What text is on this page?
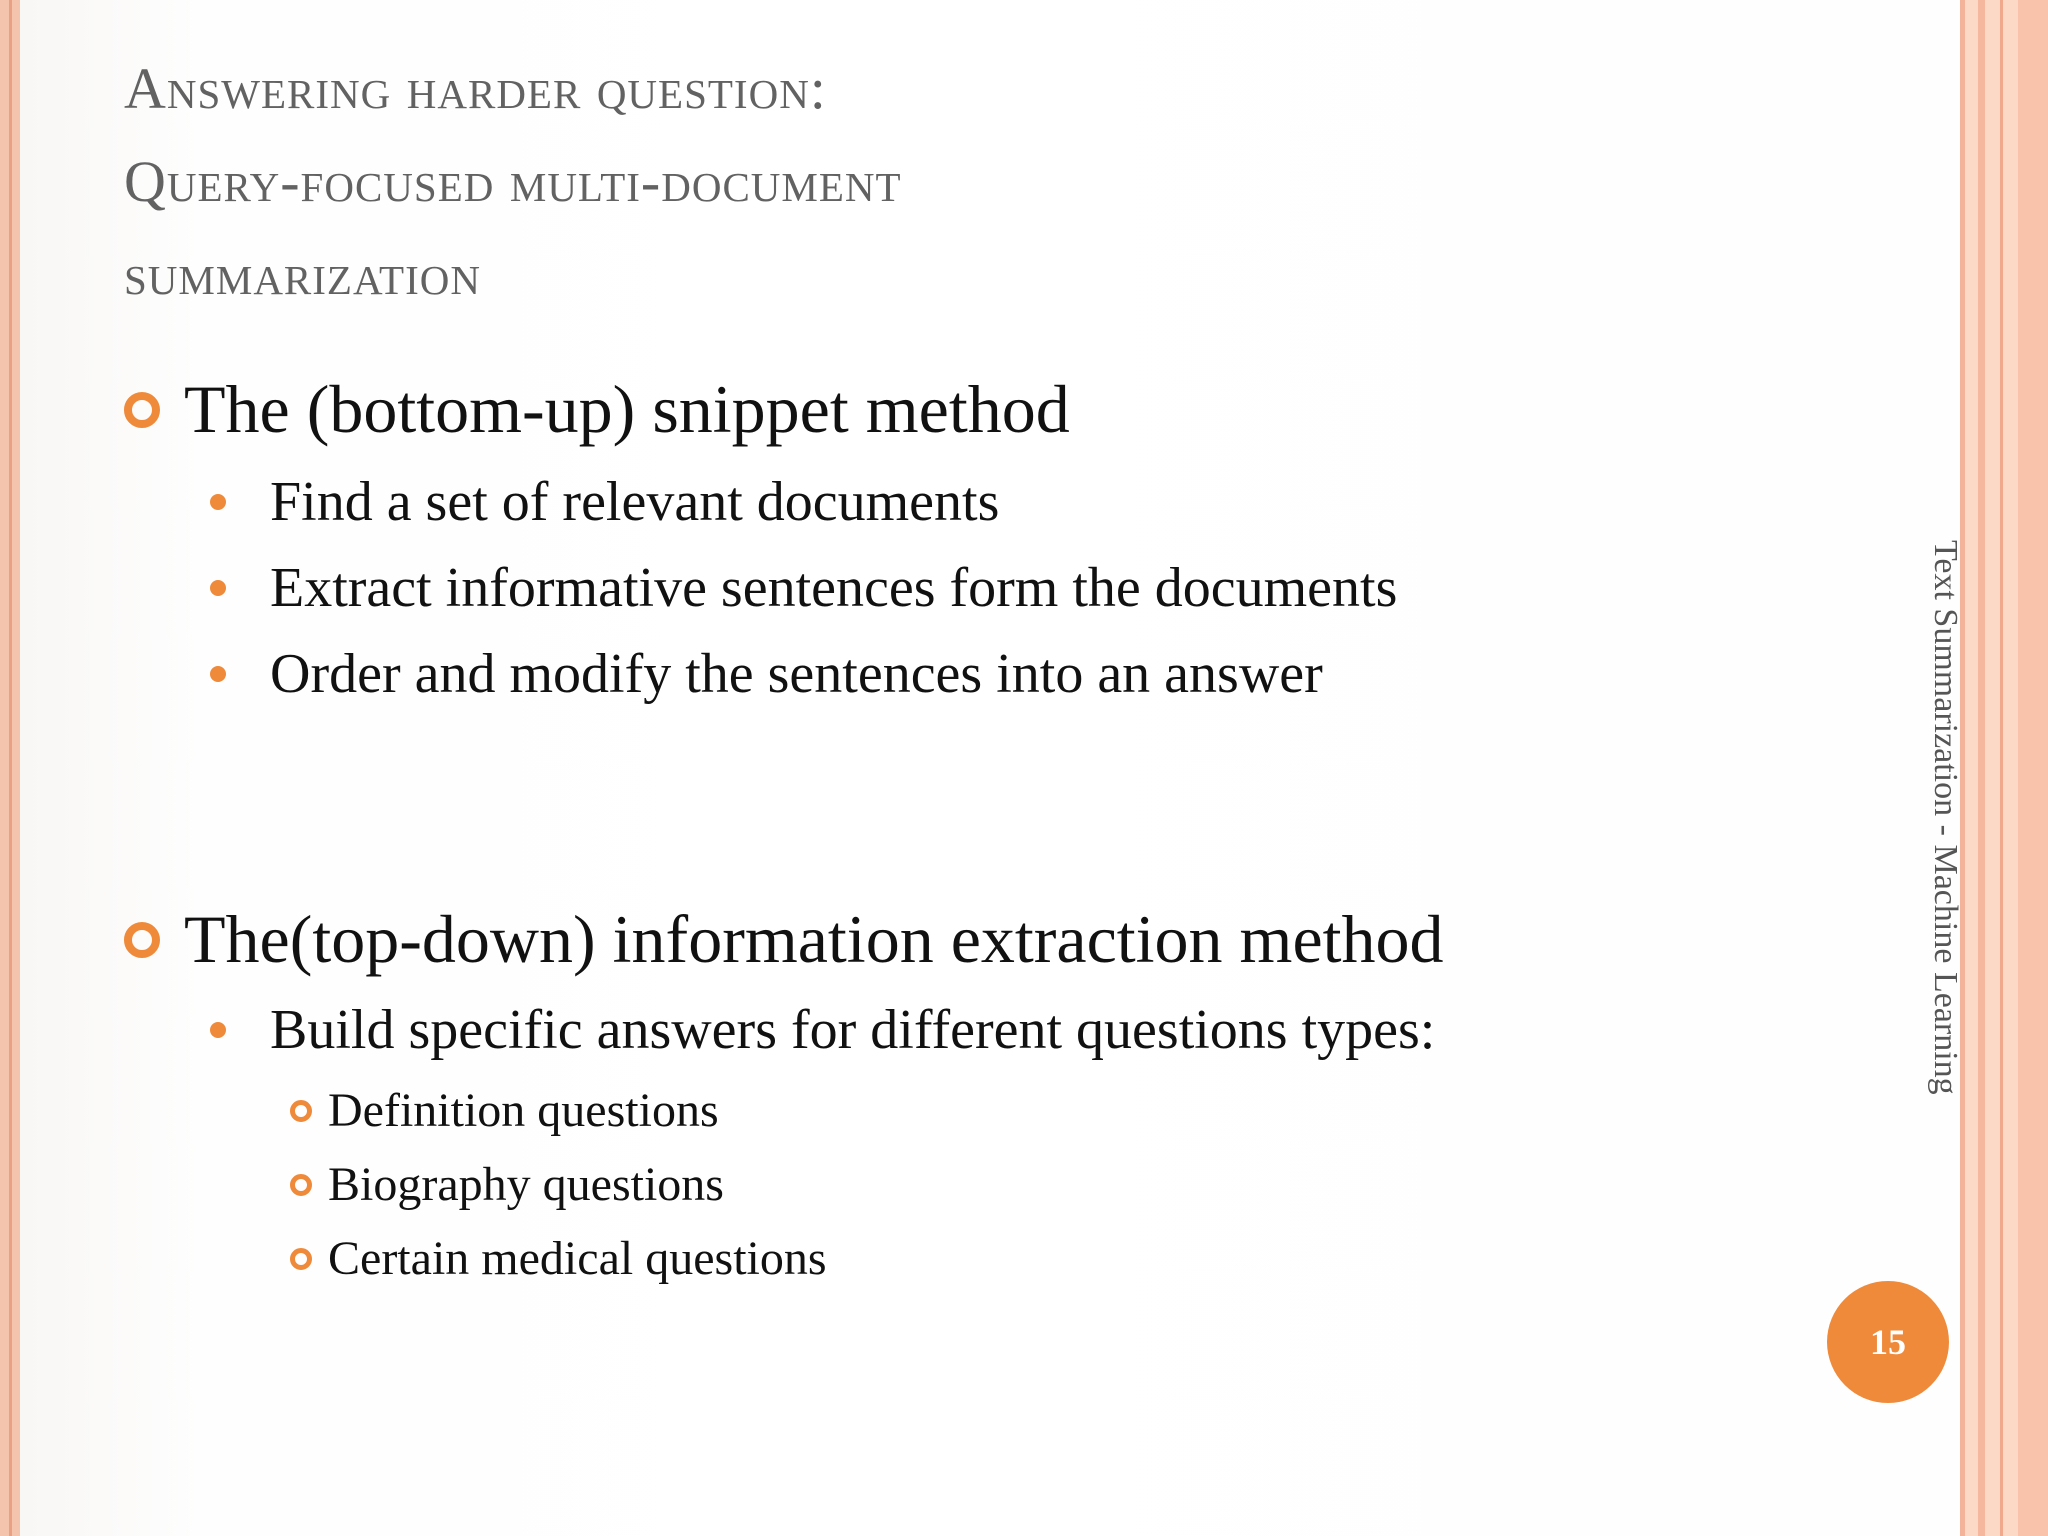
Answering harder question:
Query-focused multi-document
summarization
The (bottom-up) snippet method
Find a set of relevant documents
Extract informative sentences form the documents
Order and modify the sentences into an answer
The(top-down) information extraction method
Build specific answers for different questions types:
Definition questions
Biography questions
Certain medical questions
Text Summarization - Machine Learning
15
